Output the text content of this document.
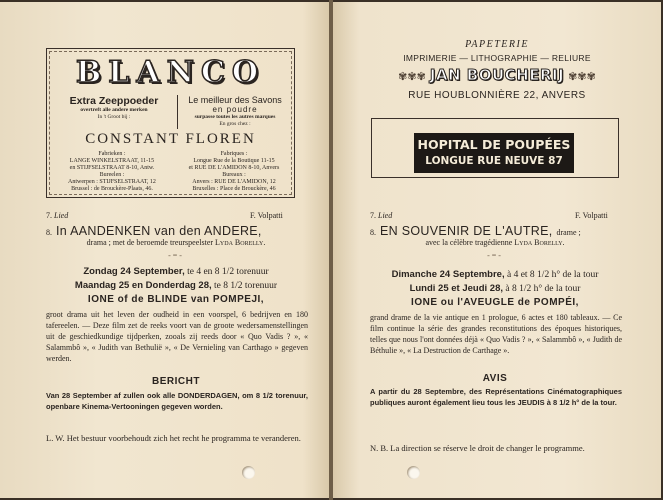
BLANCO
Extra Zeeppoeder
overtreft alle andere merken
In 't Groot bij :
Le meilleur des Savons
en poudre
surpasse toutes les autres marques
En gros chez :
CONSTANT FLOREN
Fabrieken :
LANGE WINKELSTRAAT, 11-15
en STIJFSELSTRAAT 8-10, Antw.
Bureelen :
Antwerpen : STIJFSELSTRAAT, 12
Brussel : de Brouckère-Plaats, 46.
Fabriques :
Longue Rue de la Boutique 11-15
et RUE DE L'AMIDON 8-10, Anvers
Bureaux :
Anvers : RUE DE L'AMIDON, 12
Bruxelles : Place de Brouckère, 46
7. Lied	F. Volpatti
8. In AANDENKEN van den ANDERE,
drama ; met de beroemde treurspeelster Lyda Borelly.
-=-
Zondag 24 September, te 4 en 8 1/2 torenuur
Maandag 25 en Donderdag 28, te 8 1/2 torenuur
IONE of de BLINDE van POMPEJI,
groot drama uit het leven der oudheid in een voorspel, 6 bedrijven en 180 tafereelen. — Deze film zet de reeks voort van de groote wedersamenstellingen uit de geschiedkundige tijdperken, zooals zij reeds door « Quo Vadis ? », « Salammbô », « Judith van Bethulië », « De Vernieling van Carthago » gegeven werden.
BERICHT
Van 28 September af zullen ook alle DONDERDAGEN, om 8 1/2 torenuur, openbare Kinema-Vertooningen gegeven worden.
L. W. Het bestuur voorbehoudt zich het recht he programma te veranderen.
PAPETERIE
IMPRIMERIE — LITHOGRAPHIE — RELIURE
✾✾✾ JAN BOUCHERIJ ✾✾✾
RUE HOUBLONNIÈRE 22, ANVERS
HOPITAL DE POUPÉES
LONGUE RUE NEUVE 87
7. Lied	F. Volpatti
8. EN SOUVENIR DE L'AUTRE, drame ;
avec la célèbre tragédienne Lyda Borelly.
-=-
Dimanche 24 Septembre, à 4 et 8 1/2 h° de la tour
Lundi 25 et Jeudi 28, à 8 1/2 h° de la tour
IONE ou l'AVEUGLE de POMPÉI,
grand drame de la vie antique en 1 prologue, 6 actes et 180 tableaux. — Ce film continue la série des grandes reconstitutions des époques historiques, telles que nous l'ont données déjà « Quo Vadis ? », « Salammbô », « Judith de Béthulie », « La Destruction de Carthage ».
AVIS
A partir du 28 Septembre, des Représentations Cinématographiques publiques auront également lieu tous les JEUDIS à 8 1/2 h° de la tour.
N. B. La direction se réserve le droit de changer le programme.
